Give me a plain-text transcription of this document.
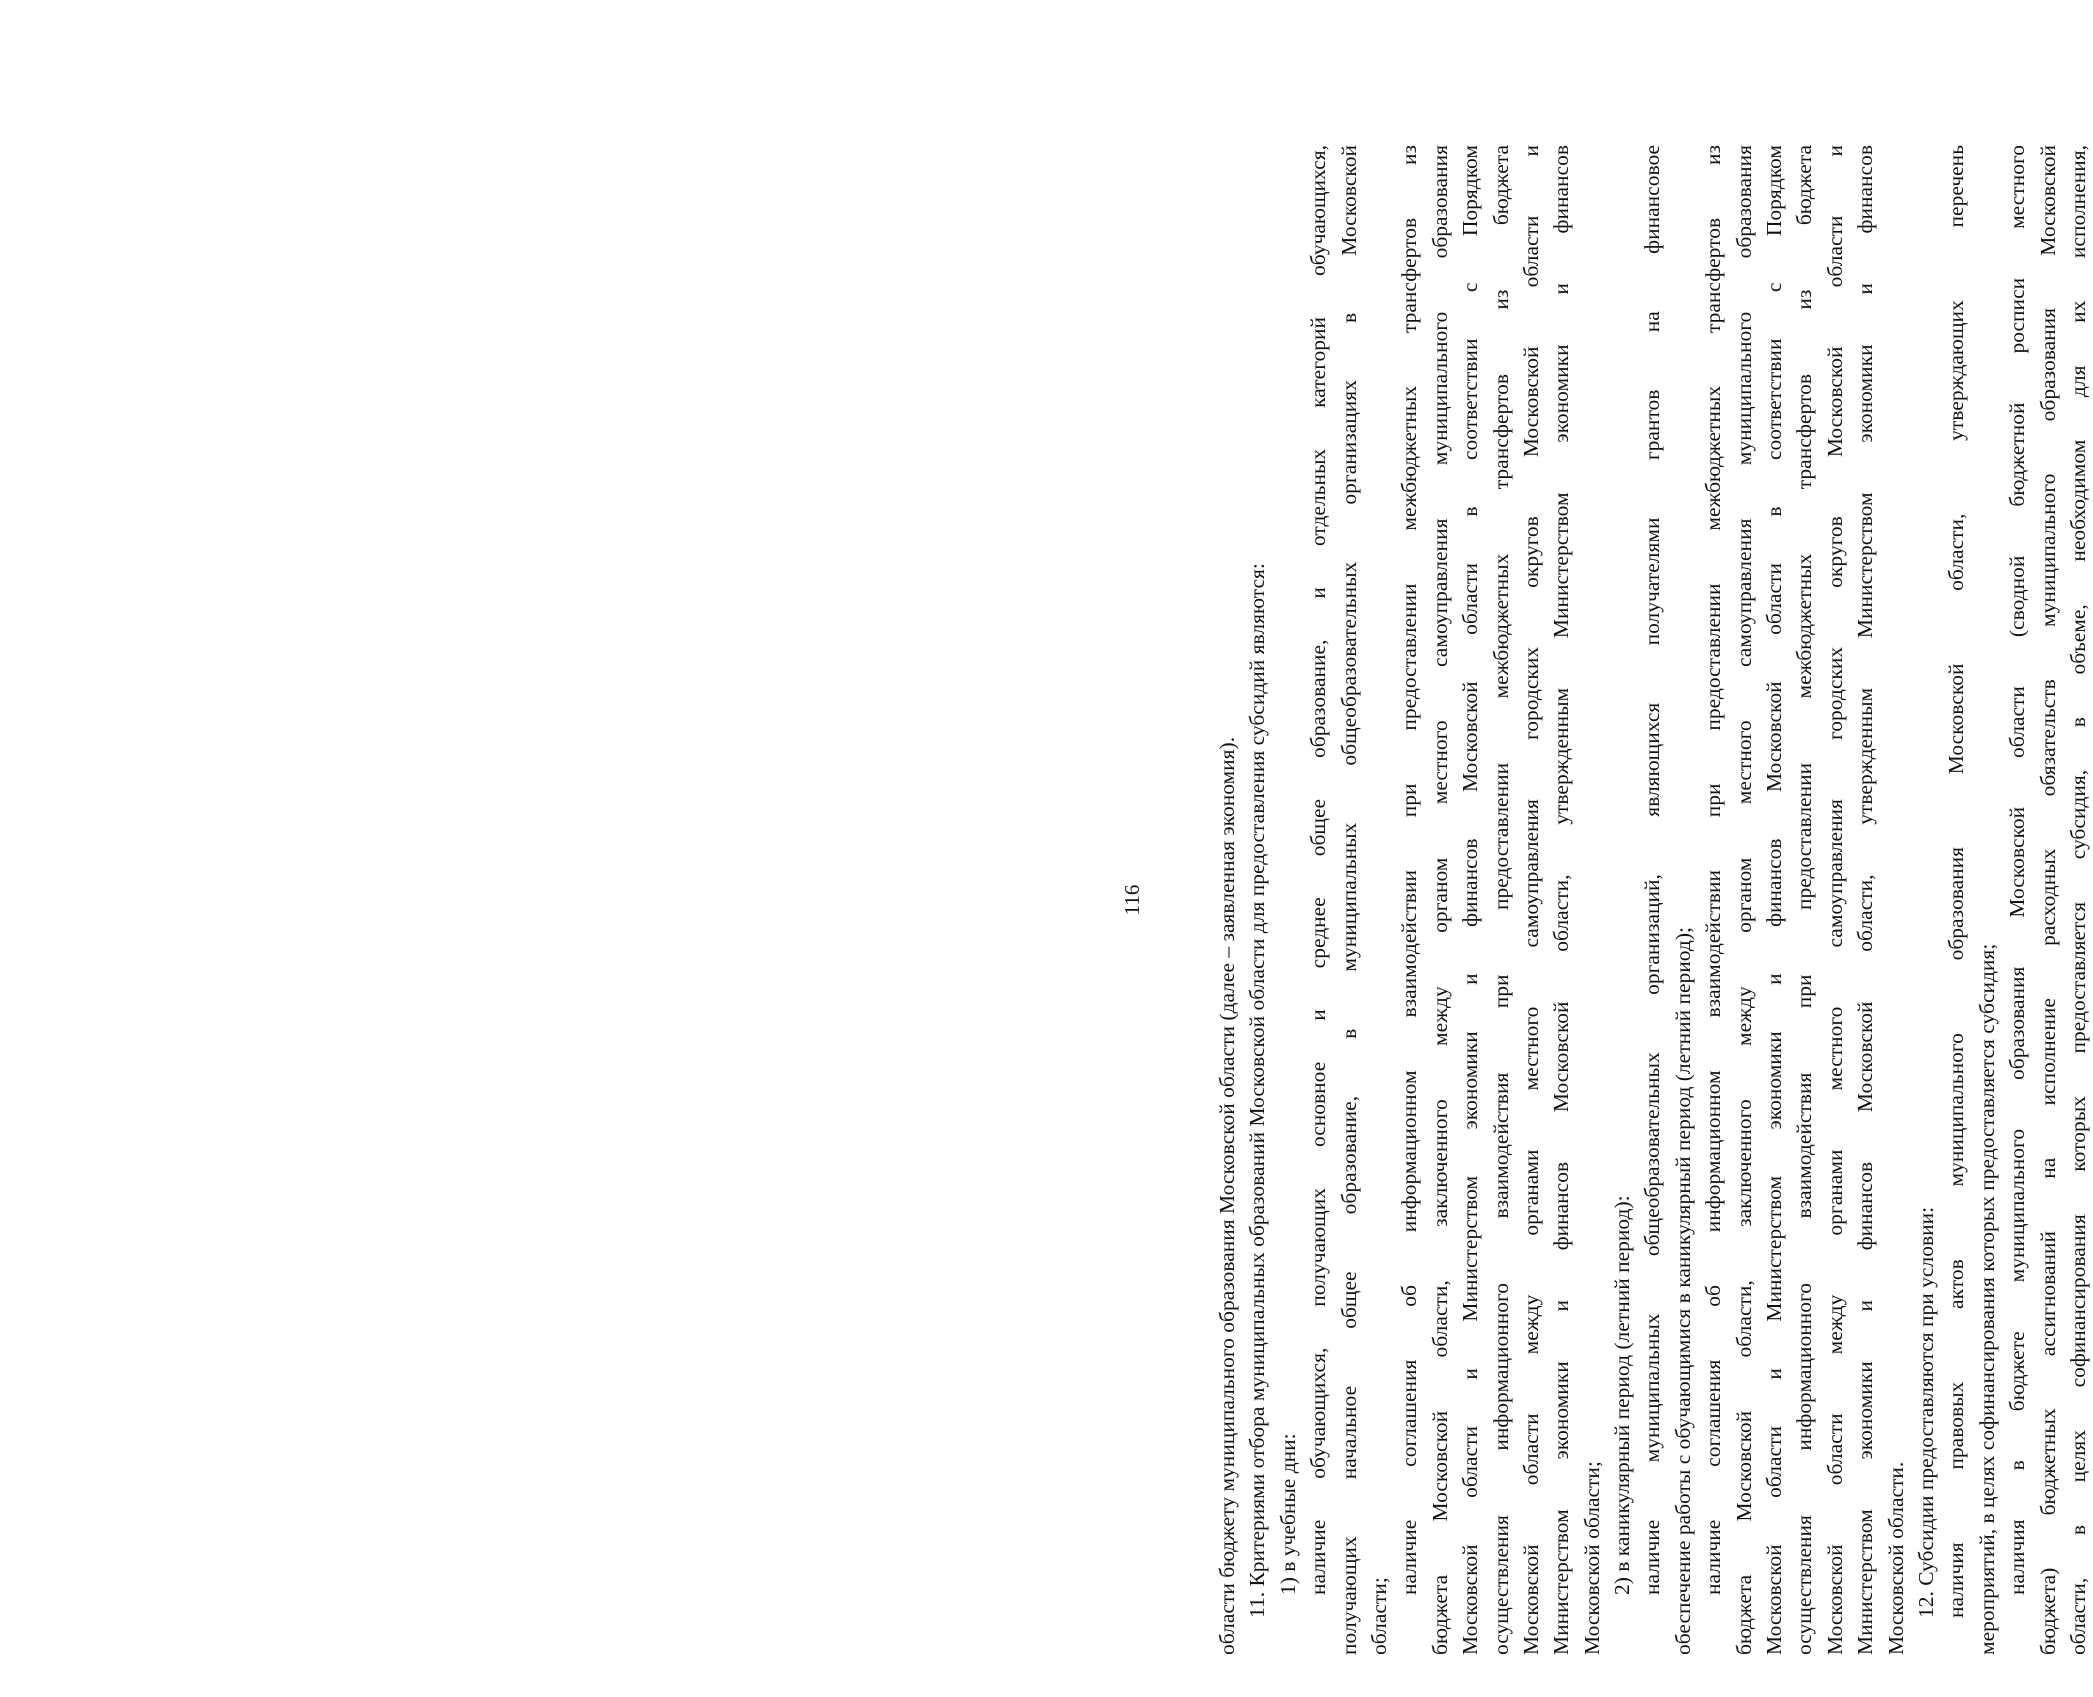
116	области бюджету муниципального образования Московской области (далее – заявленная экономия). 11. Критериями отбора муниципальных образований Московской области для предоставления субсидий являются: 1) в учебные дни: наличие обучающихся, получающих основное и среднее общее образование, и отдельных категорий обучающихся, получающих начальное общее образование, в муниципальных общеобразовательных организациях в Московской области;
наличие соглашения об информационном взаимодействии при предоставлении межбюджетных трансфертов из бюджета Московской области, заключенного между органом местного самоуправления муниципального образования Московской области и Министерством экономики и финансов Московской области в соответствии с Порядком осуществления информационного взаимодействия при предоставлении межбюджетных трансфертов из бюджета Московской области между органами местного самоуправления городских округов Московской области и Министерством экономики и финансов Московской области, утвержденным Министерством экономики и финансов Московской области; 2) в каникулярный период (летний период): наличие муниципальных общеобразовательных организаций, являющихся получателями грантов на финансовое обеспечение работы с обучающимися в каникулярный период (летний период); наличие соглашения об информационном взаимодействии при предоставлении межбюджетных трансфертов из бюджета Московской области, заключенного между органом местного самоуправления муниципального образования Московской области и Министерством экономики и финансов Московской области в соответствии с Порядком осуществления информационного взаимодействия при предоставлении межбюджетных трансфертов из бюджета Московской области между органами местного самоуправления городских округов Московской области и Министерством экономики и финансов Московской области, утвержденным Министерством экономики и финансов Московской области. 12. Субсидии предоставляются при условии: наличия правовых актов муниципального образования Московской области, утверждающих перечень мероприятий, в целях софинансирования которых предоставляется субсидия; наличия в бюджете муниципального образования Московской области (сводной бюджетной росписи местного бюджета) бюджетных ассигнований на исполнение расходных обязательств муниципального образования Московской области, в целях софинансирования которых предоставляется субсидия, в объеме, необходимом для их исполнения,
